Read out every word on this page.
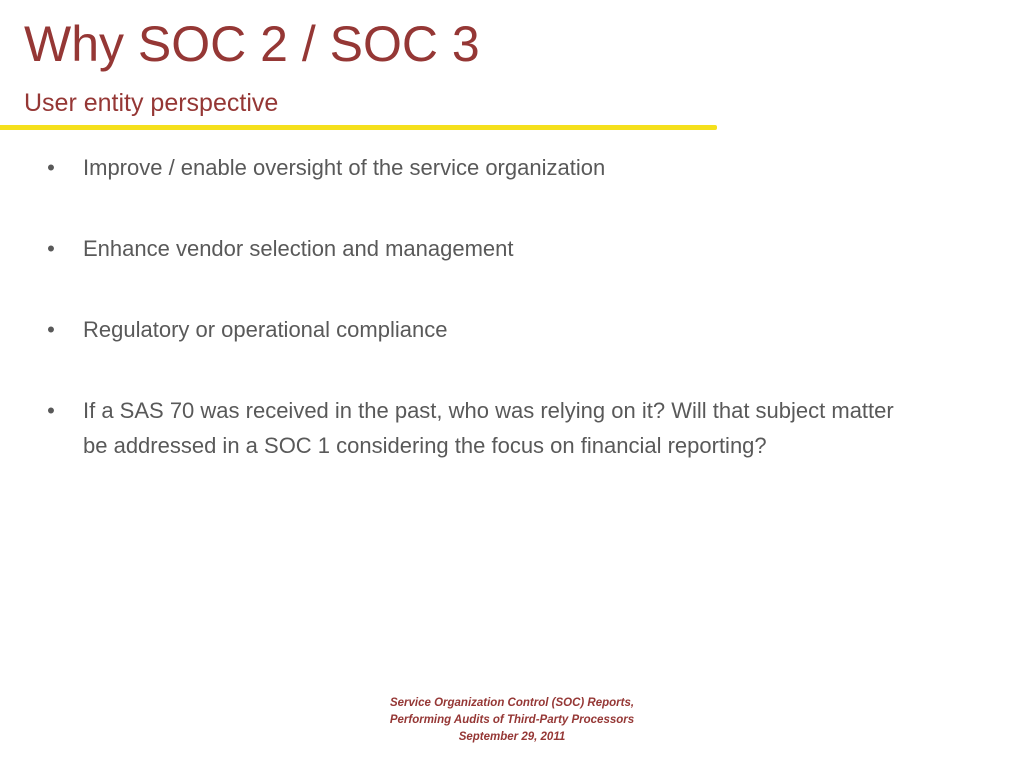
Why SOC 2 / SOC 3
User entity perspective
• Improve / enable oversight of the service organization
• Enhance vendor selection and management
• Regulatory or operational compliance
• If a SAS 70 was received in the past, who was relying on it? Will that subject matter be addressed in a SOC 1 considering the focus on financial reporting?
Service Organization Control (SOC) Reports,
Performing Audits of Third-Party Processors
September 29, 2011
